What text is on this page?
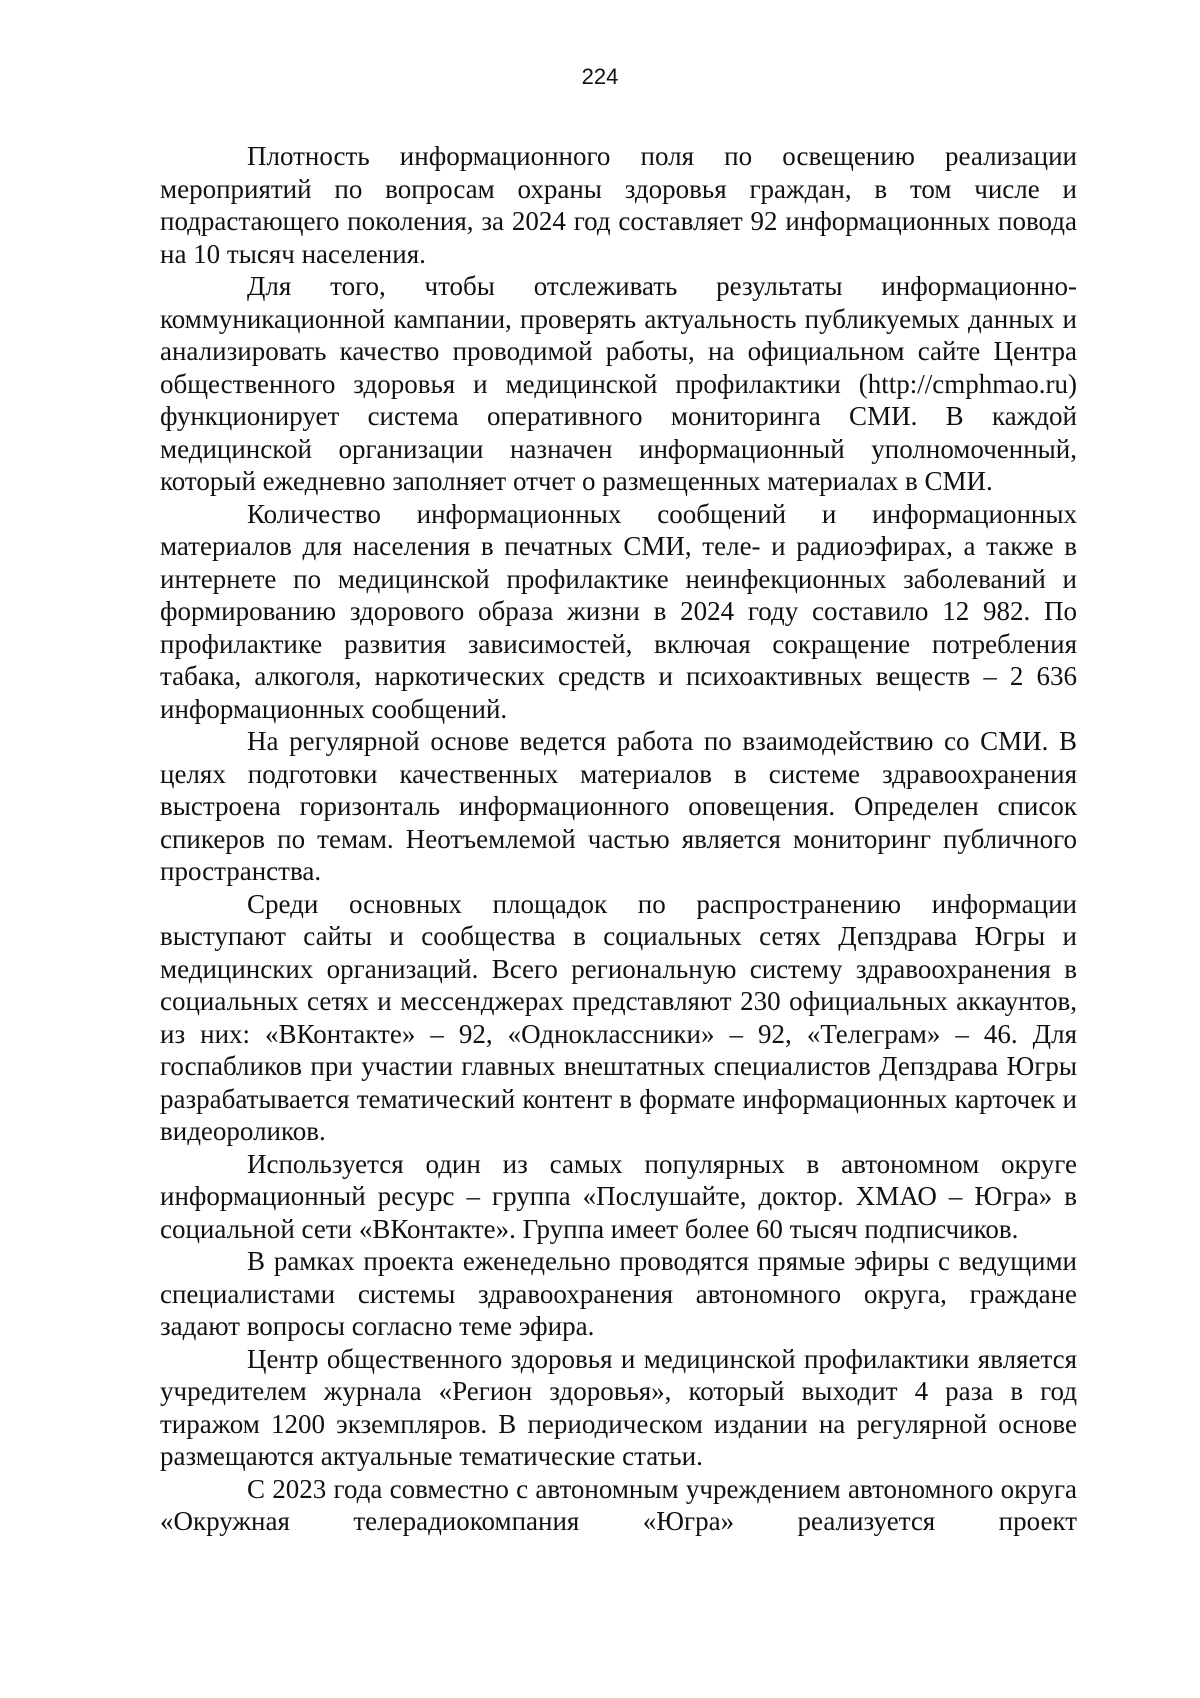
224

Плотность информационного поля по освещению реализации мероприятий по вопросам охраны здоровья граждан, в том числе и подрастающего поколения, за 2024 год составляет 92 информационных повода на 10 тысяч населения.

Для того, чтобы отслеживать результаты информационно-коммуникационной кампании, проверять актуальность публикуемых данных и анализировать качество проводимой работы, на официальном сайте Центра общественного здоровья и медицинской профилактики (http://cmphmao.ru) функционирует система оперативного мониторинга СМИ. В каждой медицинской организации назначен информационный уполномоченный, который ежедневно заполняет отчет о размещенных материалах в СМИ.

Количество информационных сообщений и информационных материалов для населения в печатных СМИ, теле- и радиоэфирах, а также в интернете по медицинской профилактике неинфекционных заболеваний и формированию здорового образа жизни в 2024 году составило 12 982. По профилактике развития зависимостей, включая сокращение потребления табака, алкоголя, наркотических средств и психоактивных веществ – 2 636 информационных сообщений.

На регулярной основе ведется работа по взаимодействию со СМИ. В целях подготовки качественных материалов в системе здравоохранения выстроена горизонталь информационного оповещения. Определен список спикеров по темам. Неотъемлемой частью является мониторинг публичного пространства.

Среди основных площадок по распространению информации выступают сайты и сообщества в социальных сетях Депздрава Югры и медицинских организаций. Всего региональную систему здравоохранения в социальных сетях и мессенджерах представляют 230 официальных аккаунтов, из них: «ВКонтакте» – 92, «Одноклассники» – 92, «Телеграм» – 46. Для госпабликов при участии главных внештатных специалистов Депздрава Югры разрабатывается тематический контент в формате информационных карточек и видеороликов.

Используется один из самых популярных в автономном округе информационный ресурс – группа «Послушайте, доктор. ХМАО – Югра» в социальной сети «ВКонтакте». Группа имеет более 60 тысяч подписчиков.

В рамках проекта еженедельно проводятся прямые эфиры с ведущими специалистами системы здравоохранения автономного округа, граждане задают вопросы согласно теме эфира.

Центр общественного здоровья и медицинской профилактики является учредителем журнала «Регион здоровья», который выходит 4 раза в год тиражом 1200 экземпляров. В периодическом издании на регулярной основе размещаются актуальные тематические статьи.

С 2023 года совместно с автономным учреждением автономного округа «Окружная телерадиокомпания «Югра» реализуется проект
